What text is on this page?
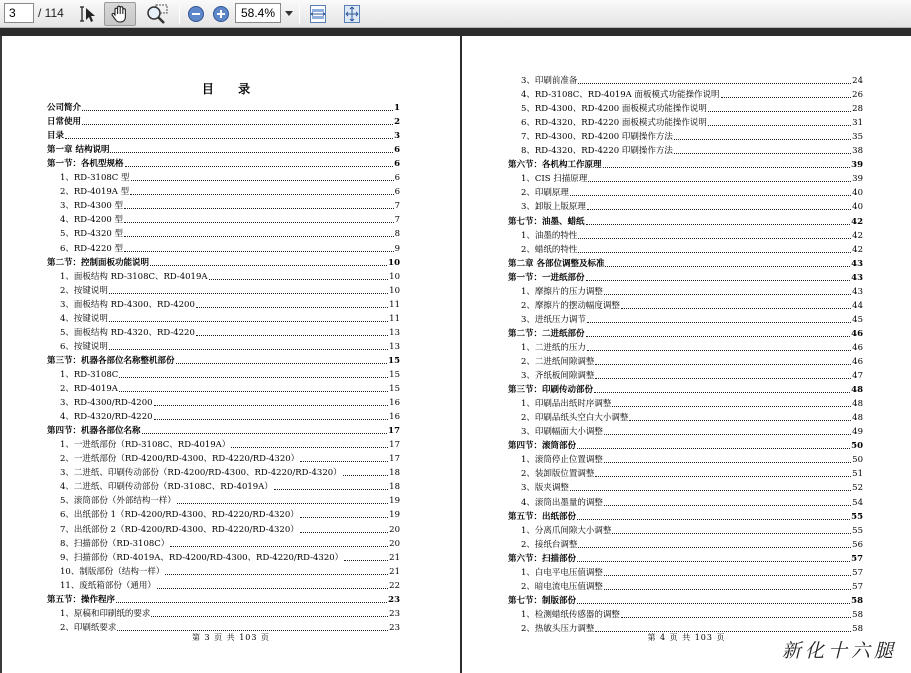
3
/ 114
58.4%
目 录
公司简介	1
日常使用	2
目录	3
第一章 结构说明	6
第一节：各机型规格	6
1、RD-3108C 型	6
2、RD-4019A 型	6
3、RD-4300 型	7
4、RD-4200 型	7
5、RD-4320 型	8
6、RD-4220 型	9
第二节：控制面板功能说明	10
1、面板结构 RD-3108C、RD-4019A	10
2、按键说明	10
3、面板结构 RD-4300、RD-4200	11
4、按键说明	11
5、面板结构 RD-4320、RD-4220	13
6、按键说明	13
第三节：机器各部位名称整机部份	15
1、RD-3108C	15
2、RD-4019A	15
3、RD-4300/RD-4200	16
4、RD-4320/RD-4220	16
第四节：机器各部位名称	17
1、一进纸部份（RD-3108C、RD-4019A）	17
2、一进纸部份（RD-4200/RD-4300、RD-4220/RD-4320）	17
3、二进纸、印刷传动部份（RD-4200/RD-4300、RD-4220/RD-4320）	18
4、二进纸、印刷传动部份（RD-3108C、RD-4019A）	18
5、滚筒部份（外部结构一样）	19
6、出纸部份 1（RD-4200/RD-4300、RD-4220/RD-4320）	19
7、出纸部份 2（RD-4200/RD-4300、RD-4220/RD-4320）	20
8、扫描部份（RD-3108C）	20
9、扫描部份（RD-4019A、RD-4200/RD-4300、RD-4220/RD-4320）	21
10、制版部份（结构一样）	21
11、废纸箱部份（通用）	22
第五节：操作程序	23
1、原稿和印刷纸的要求	23
2、印刷纸要求	23
第 3 页 共 103 页
3、印刷前准备	24
4、RD-3108C、RD-4019A 面板模式功能操作说明	26
5、RD-4300、RD-4200 面板模式功能操作说明	28
6、RD-4320、RD-4220 面板模式功能操作说明	31
7、RD-4300、RD-4200 印刷操作方法	35
8、RD-4320、RD-4220 印刷操作方法	38
第六节：各机构工作原理	39
1、CIS 扫描原理	39
2、印刷原理	40
3、卸版上版原理	40
第七节：油墨、蜡纸	42
1、油墨的特性	42
2、蜡纸的特性	42
第二章 各部位调整及标准	43
第一节：一进纸部份	43
1、摩擦片的压力调整	43
2、摩擦片的摆动幅度调整	44
3、进纸压力调节	45
第二节：二进纸部份	46
1、二进纸的压力	46
2、二进纸间隙调整	46
3、齐纸板间隙调整	47
第三节：印刷传动部份	48
1、印刷品出纸时序调整	48
2、印刷品纸头空白大小调整	48
3、印刷幅面大小调整	49
第四节：滚筒部份	50
1、滚筒停止位置调整	50
2、装卸版位置调整	51
3、版夹调整	52
4、滚筒出墨量的调整	54
第五节：出纸部份	55
1、分离爪间隙大小调整	55
2、接纸台调整	56
第六节：扫描部份	57
1、白电平电压值调整	57
2、暗电流电压值调整	57
第七节：制版部份	58
1、检测蜡纸传感器的调整	58
2、热敏头压力调整	58
第 4 页 共 103 页
新化十六腿
